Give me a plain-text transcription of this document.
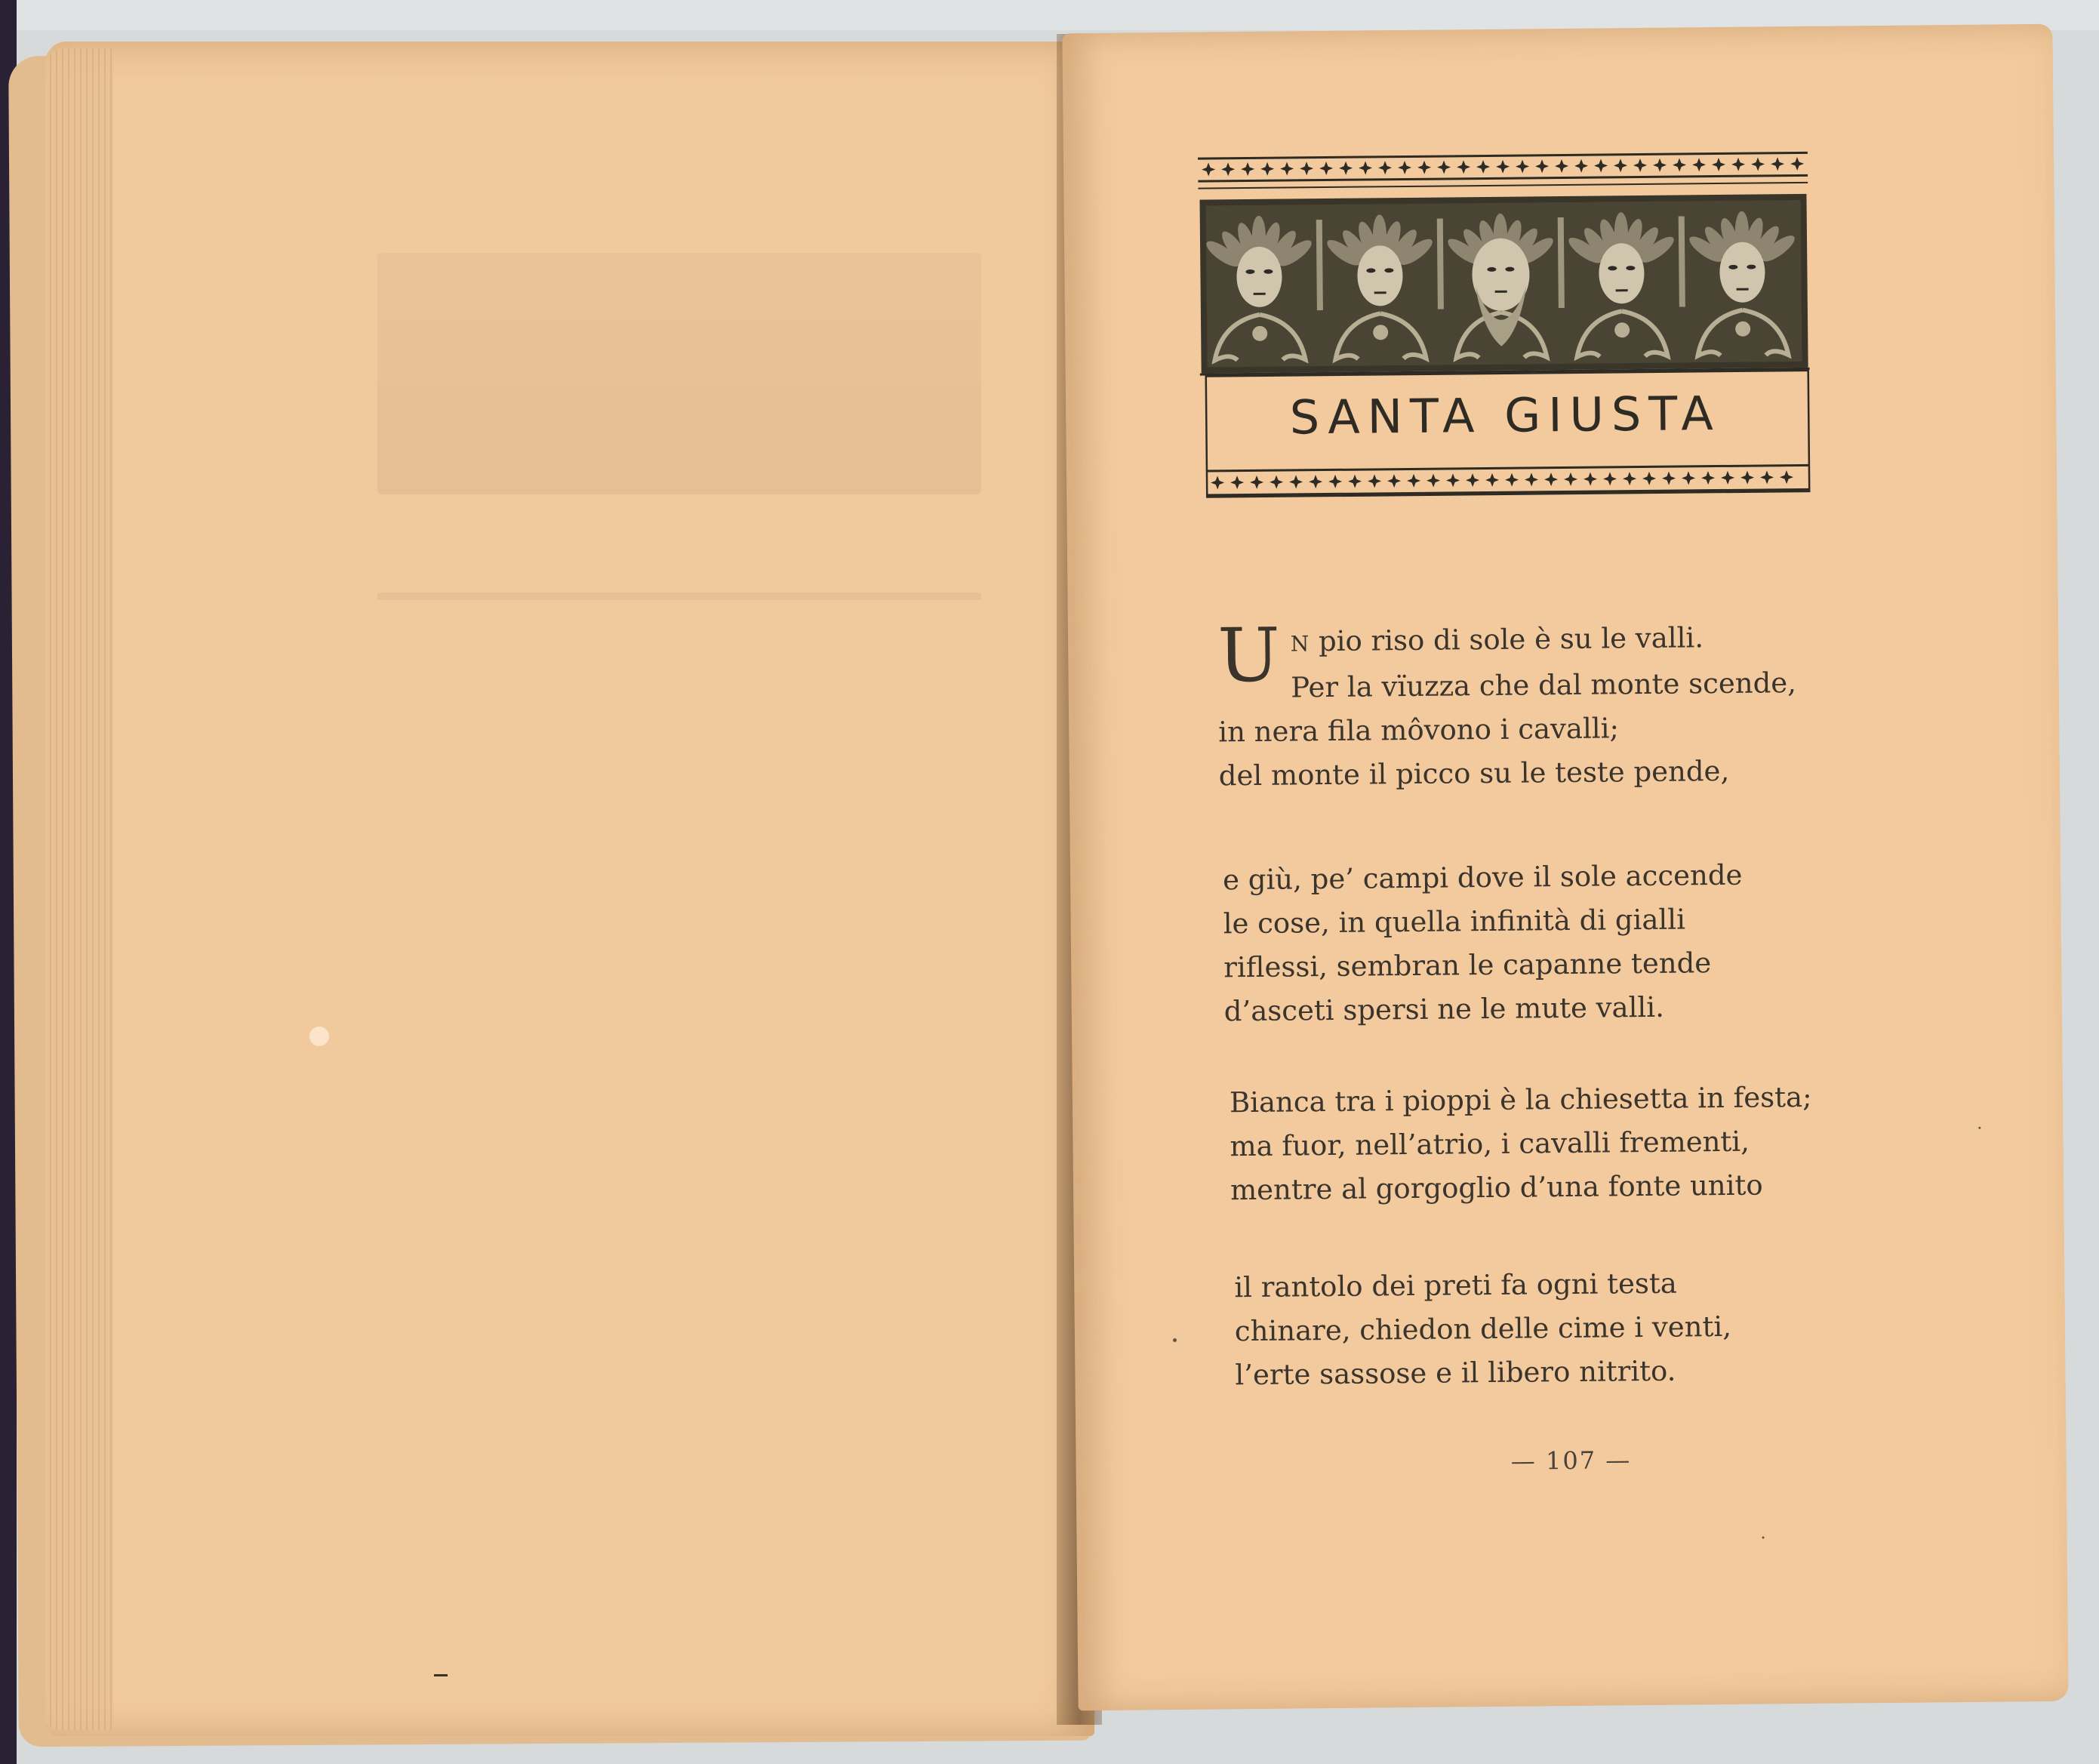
SANTA GIUSTA
U N pio riso di sole è su le valli.
Per la vïuzza che dal monte scende,
in nera fila môvono i cavalli;
del monte il picco su le teste pende,
e giù, pe’ campi dove il sole accende
le cose, in quella infinità di gialli
riflessi, sembran le capanne tende
d’asceti spersi ne le mute valli.
Bianca tra i pioppi è la chiesetta in festa;
ma fuor, nell’atrio, i cavalli frementi,
mentre al gorgoglio d’una fonte unito
il rantolo dei preti fa ogni testa
chinare, chiedon delle cime i venti,
l’erte sassose e il libero nitrito.
— 107 —
